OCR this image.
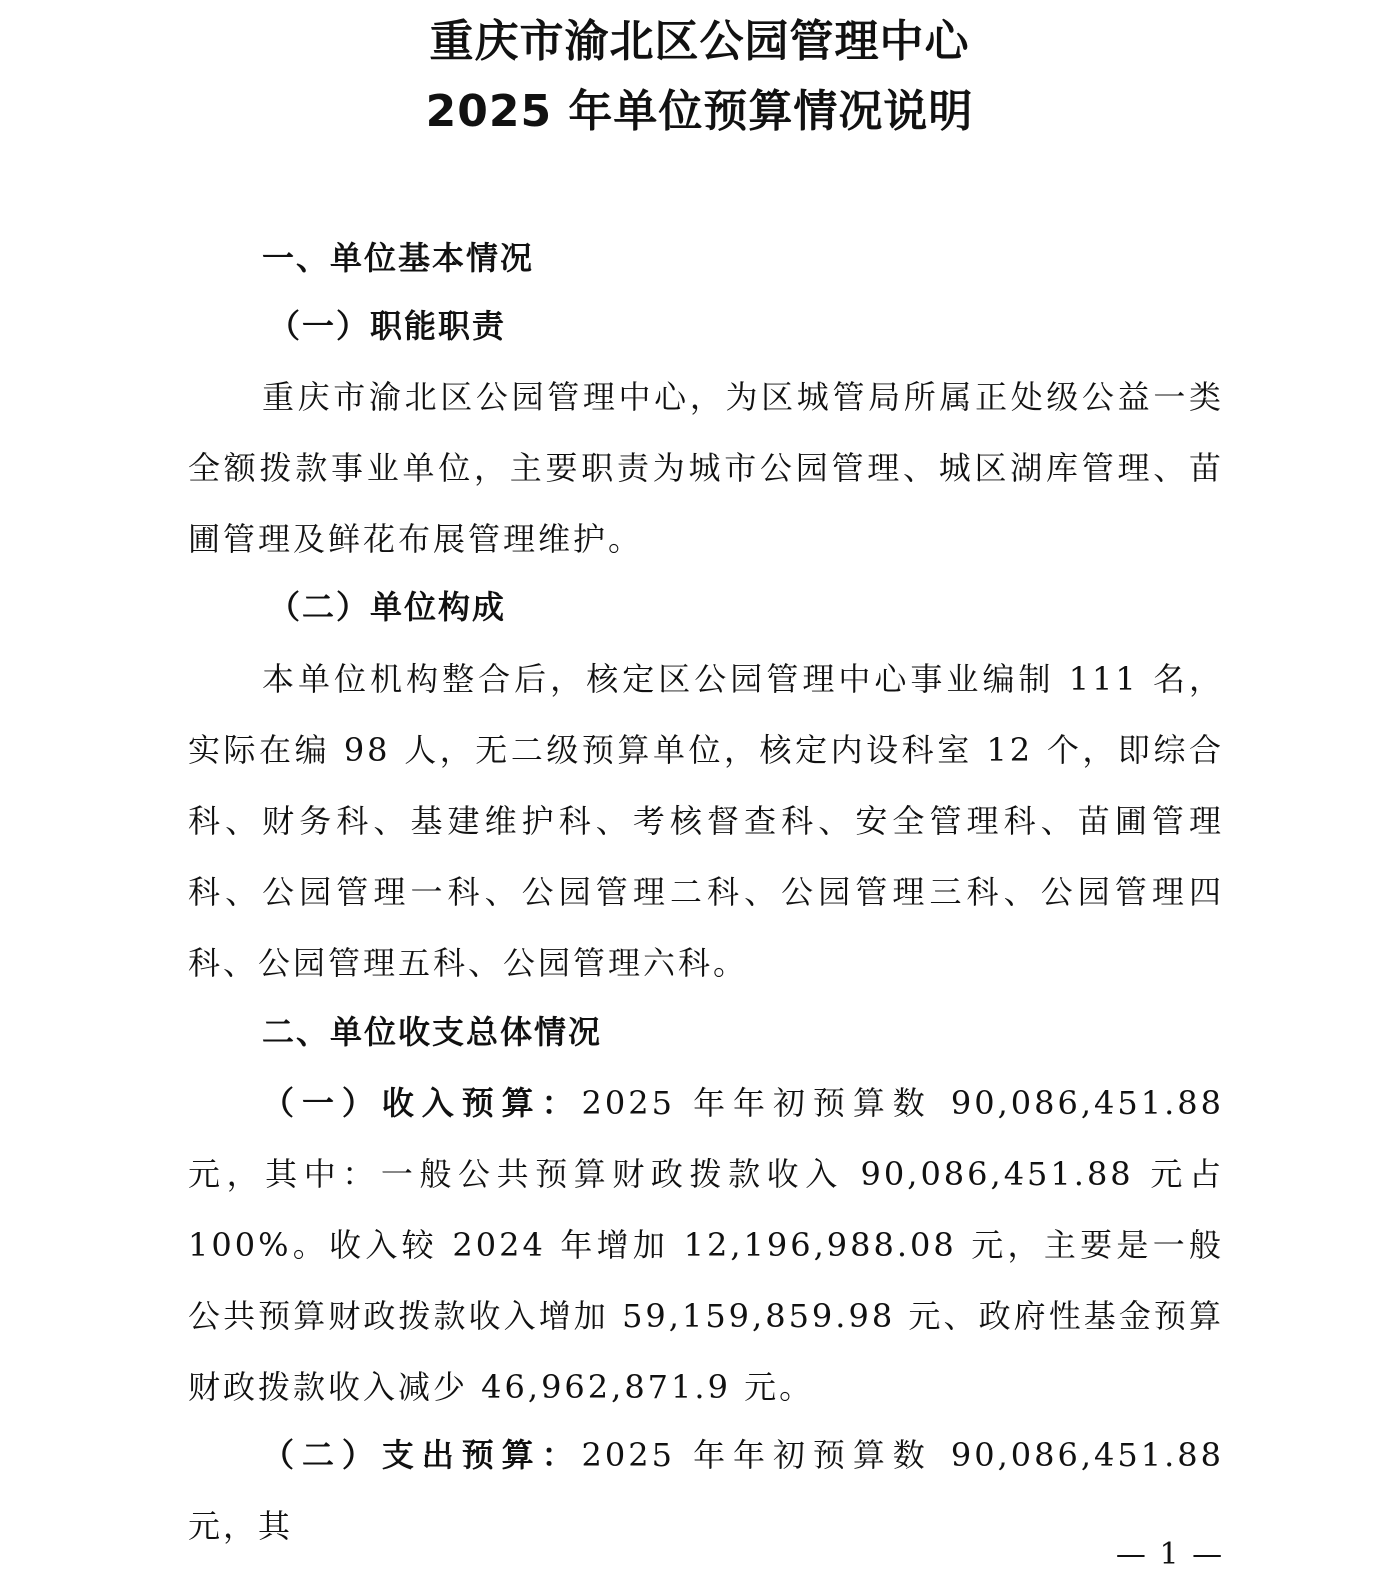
重庆市渝北区公园管理中心
2025 年单位预算情况说明
一、单位基本情况
（一）职能职责

重庆市渝北区公园管理中心，为区城管局所属正处级公益一类全额拨款事业单位，主要职责为城市公园管理、城区湖库管理、苗圃管理及鲜花布展管理维护。

（二）单位构成

本单位机构整合后，核定区公园管理中心事业编制 111 名，实际在编 98 人，无二级预算单位，核定内设科室 12 个，即综合科、财务科、基建维护科、考核督查科、安全管理科、苗圃管理科、公园管理一科、公园管理二科、公园管理三科、公园管理四科、公园管理五科、公园管理六科。

二、单位收支总体情况

（一）收入预算：2025 年年初预算数 90,086,451.88 元，其中：一般公共预算财政拨款收入 90,086,451.88 元占 100%。收入较 2024 年增加 12,196,988.08 元，主要是一般公共预算财政拨款收入增加 59,159,859.98 元、政府性基金预算财政拨款收入减少 46,962,871.9 元。

（二）支出预算：2025 年年初预算数 90,086,451.88 元，其

— 1 —
